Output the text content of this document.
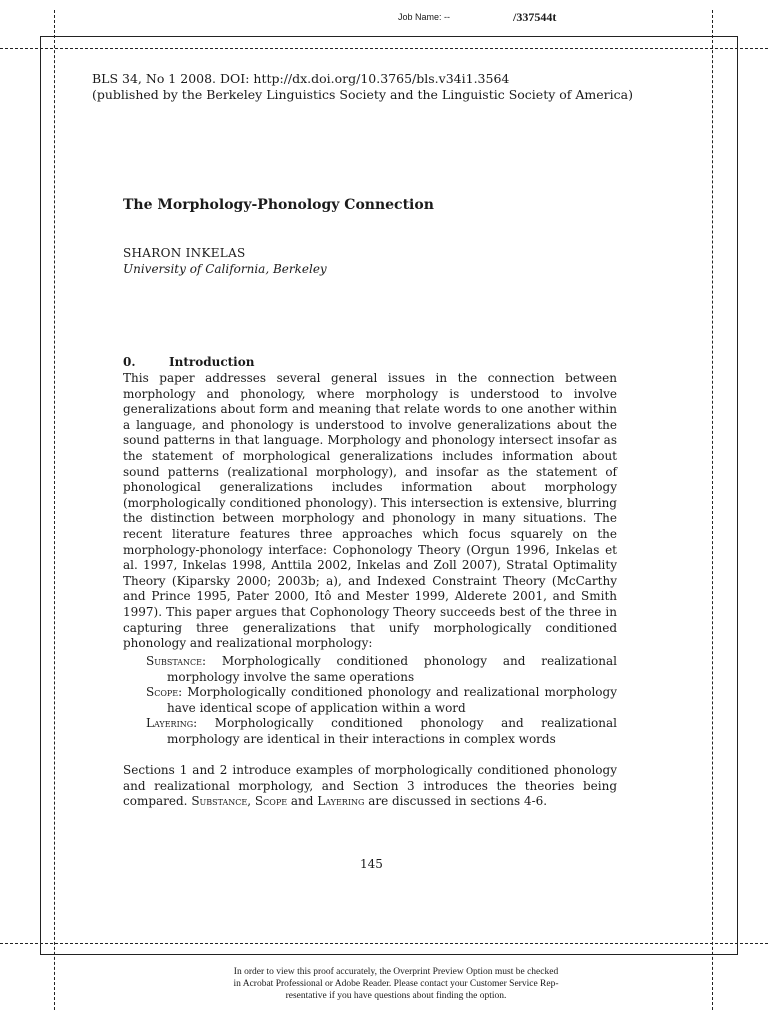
Job Name: --	/337544t
BLS 34, No 1 2008. DOI: http://dx.doi.org/10.3765/bls.v34i1.3564
(published by the Berkeley Linguistics Society and the Linguistic Society of America)
The Morphology-Phonology Connection
SHARON INKELAS
University of California, Berkeley
0.	Introduction
This paper addresses several general issues in the connection between morphology and phonology, where morphology is understood to involve generalizations about form and meaning that relate words to one another within a language, and phonology is understood to involve generalizations about the sound patterns in that language. Morphology and phonology intersect insofar as the statement of morphological generalizations includes information about sound patterns (realizational morphology), and insofar as the statement of phonological generalizations includes information about morphology (morphologically conditioned phonology). This intersection is extensive, blurring the distinction between morphology and phonology in many situations. The recent literature features three approaches which focus squarely on the morphology-phonology interface: Cophonology Theory (Orgun 1996, Inkelas et al. 1997, Inkelas 1998, Anttila 2002, Inkelas and Zoll 2007), Stratal Optimality Theory (Kiparsky 2000; 2003b; a), and Indexed Constraint Theory (McCarthy and Prince 1995, Pater 2000, Itô and Mester 1999, Alderete 2001, and Smith 1997). This paper argues that Cophonology Theory succeeds best of the three in capturing three generalizations that unify morphologically conditioned phonology and realizational morphology:
Substance: Morphologically conditioned phonology and realizational morphology involve the same operations
Scope: Morphologically conditioned phonology and realizational morphology have identical scope of application within a word
Layering: Morphologically conditioned phonology and realizational morphology are identical in their interactions in complex words
Sections 1 and 2 introduce examples of morphologically conditioned phonology and realizational morphology, and Section 3 introduces the theories being compared. Substance, Scope and Layering are discussed in sections 4-6.
145
In order to view this proof accurately, the Overprint Preview Option must be checked
in Acrobat Professional or Adobe Reader. Please contact your Customer Service Rep-
resentative if you have questions about finding the option.
